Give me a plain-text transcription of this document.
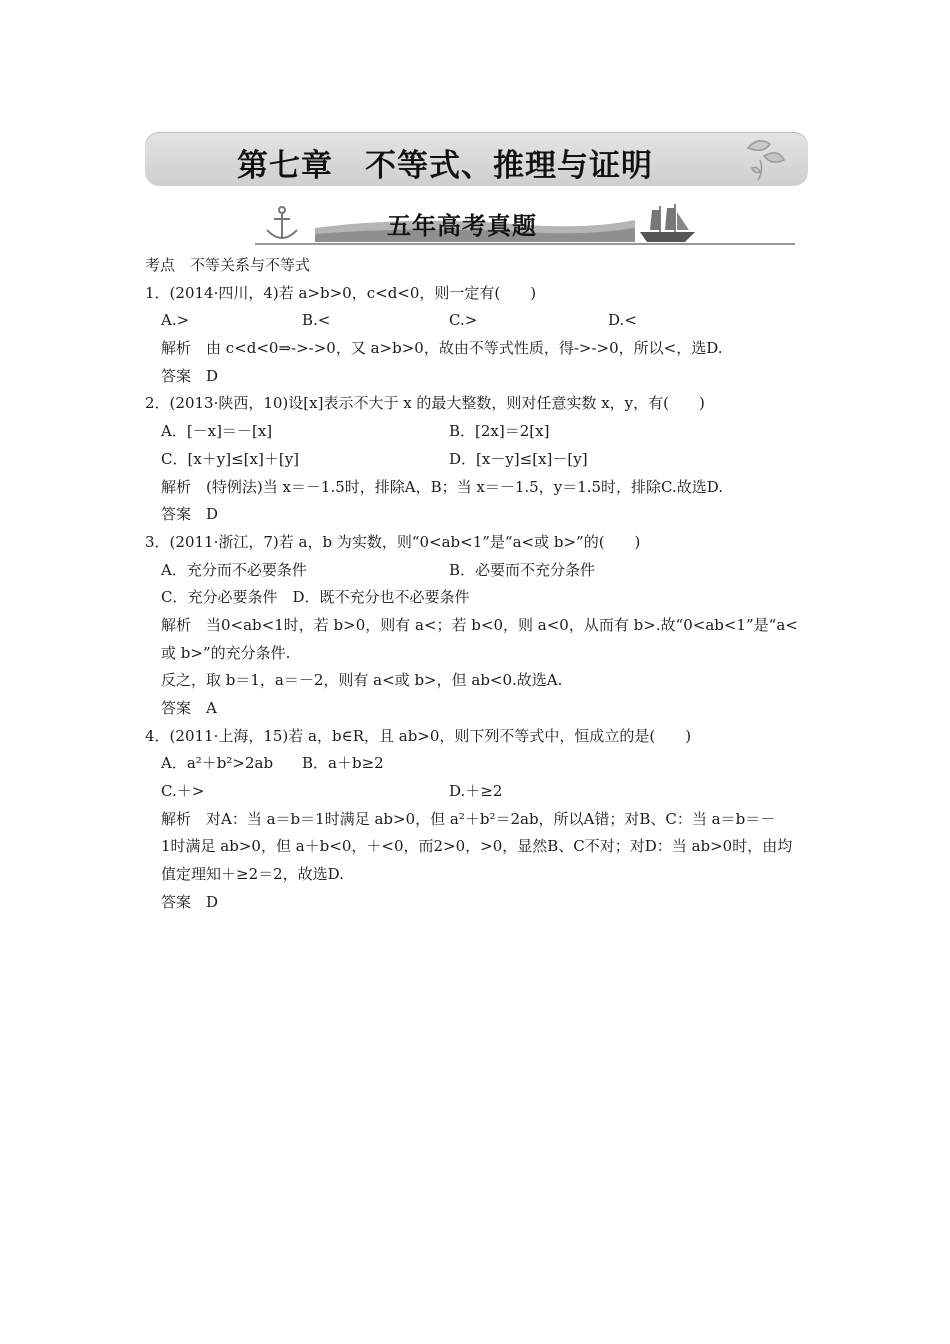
第七章　不等式、推理与证明
五年高考真题
考点　不等关系与不等式
1．(2014·四川，4)若 a>b>0，c<d<0，则一定有(　　)
A.>	B.<	C.>	D.<
解析　由 c<d<0⇒->->0，又 a>b>0，故由不等式性质，得->->0，所以<，选D.
答案　D
2．(2013·陕西，10)设[x]表示不大于 x 的最大整数，则对任意实数 x，y，有(　　)
A．[－x]＝－[x]	B．[2x]＝2[x]
C．[x＋y]≤[x]＋[y]	D．[x－y]≤[x]－[y]
解析　(特例法)当 x＝－1.5时，排除A，B；当 x＝－1.5，y＝1.5时，排除C.故选D.
答案　D
3．(2011·浙江，7)若 a，b 为实数，则“0<ab<1”是“a<或 b>”的(　　)
A．充分而不必要条件	B．必要而不充分条件
C．充分必要条件　D．既不充分也不必要条件
解析　当0<ab<1时，若 b>0，则有 a<；若 b<0，则 a<0，从而有 b>.故“0<ab<1”是“a<
或 b>”的充分条件.
反之，取 b＝1，a＝－2，则有 a<或 b>，但 ab<0.故选A.
答案　A
4．(2011·上海，15)若 a，b∈R，且 ab>0，则下列不等式中，恒成立的是(　　)
A．a²＋b²>2ab B．a＋b≥2
C.＋>	D.＋≥2
解析　对A：当 a＝b＝1时满足 ab>0，但 a²＋b²＝2ab，所以A错；对B、C：当 a＝b＝－
1时满足 ab>0，但 a＋b<0，＋<0，而2>0，>0，显然B、C不对；对D：当 ab>0时，由均
值定理知＋≥2＝2，故选D.
答案　D
